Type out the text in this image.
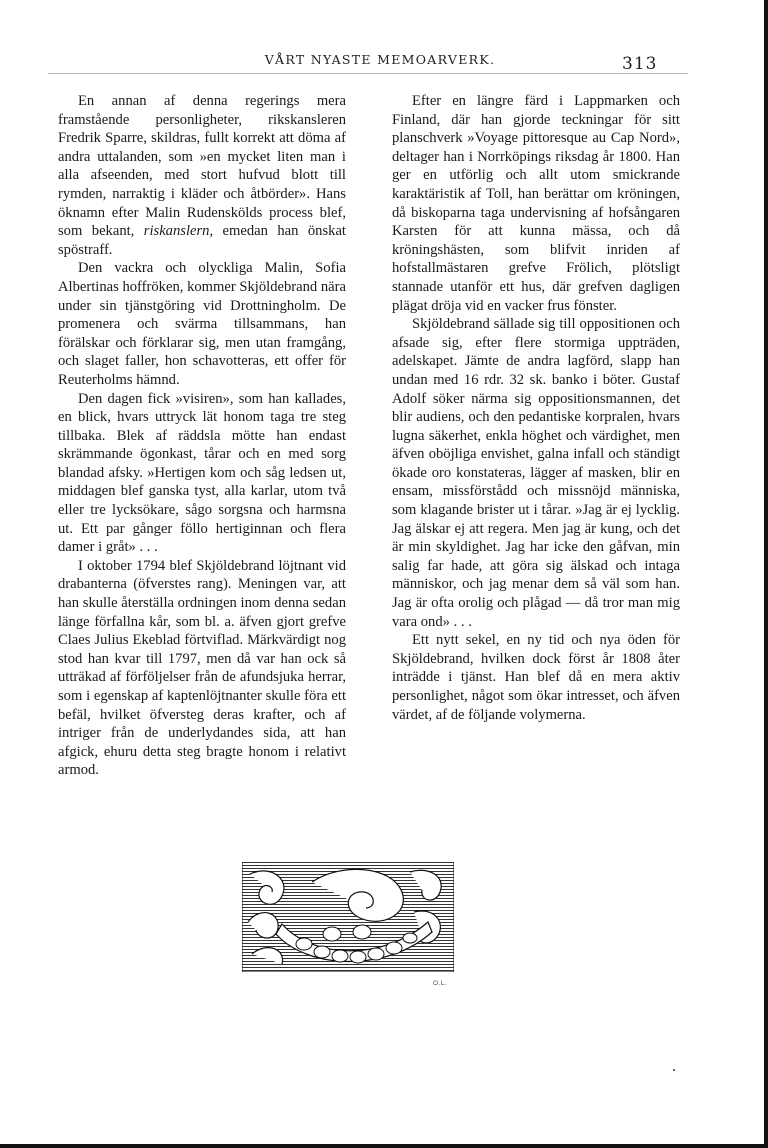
VÅRT NYASTE MEMOARVERK.	313

En annan af denna regerings mera framstående personligheter, rikskansleren Fredrik Sparre, skildras, fullt korrekt att döma af andra uttalanden, som »en mycket liten man i alla afseenden, med stort hufvud blott till rymden, narraktig i kläder och åtbörder». Hans öknamn efter Malin Rudenskölds process blef, som bekant, riskanslern, emedan han önskat spöstraff.

Den vackra och olyckliga Malin, Sofia Albertinas hoffröken, kommer Skjöldebrand nära under sin tjänstgöring vid Drottningholm. De promenera och svärma tillsammans, han förälskar och förklarar sig, men utan framgång, och slaget faller, hon schavotteras, ett offer för Reuterholms hämnd.

Den dagen fick »visiren», som han kallades, en blick, hvars uttryck lät honom taga tre steg tillbaka. Blek af räddsla mötte han endast skrämmande ögonkast, tårar och en med sorg blandad afsky. »Hertigen kom och såg ledsen ut, middagen blef ganska tyst, alla karlar, utom två eller tre lycksökare, sågo sorgsna och harmsna ut. Ett par gånger föllo hertiginnan och flera damer i gråt» . . .

I oktober 1794 blef Skjöldebrand löjtnant vid drabanterna (öfverstes rang). Meningen var, att han skulle återställa ordningen inom denna sedan länge förfallna kår, som bl. a. äfven gjort grefve Claes Julius Ekeblad förtviflad. Märkvärdigt nog stod han kvar till 1797, men då var han ock så utträkad af förföljelser från de afundsjuka herrar, som i egenskap af kaptenlöjtnanter skulle föra ett befäl, hvilket öfversteg deras krafter, och af intriger från de underlydandes sida, att han afgick, ehuru detta steg bragte honom i relativt armod.

Efter en längre färd i Lappmarken och Finland, där han gjorde teckningar för sitt planschverk »Voyage pittoresque au Cap Nord», deltager han i Norrköpings riksdag år 1800. Han ger en utförlig och allt utom smickrande karaktäristik af Toll, han berättar om kröningen, då biskoparna taga undervisning af hofsångaren Karsten för att kunna mässa, och då kröningshästen, som blifvit inriden af hofstallmästaren grefve Frölich, plötsligt stannade utanför ett hus, där grefven dagligen plägat dröja vid en vacker frus fönster.

Skjöldebrand sällade sig till oppositionen och afsade sig, efter flere stormiga uppträden, adelskapet. Jämte de andra lagförd, slapp han undan med 16 rdr. 32 sk. banko i böter. Gustaf Adolf söker närma sig oppositionsmannen, det blir audiens, och den pedantiske korpralen, hvars lugna säkerhet, enkla höghet och värdighet, men äfven oböjliga envishet, galna infall och ständigt ökade oro konstateras, lägger af masken, blir en ensam, missförstådd och missnöjd människa, som klagande brister ut i tårar. »Jag är ej lycklig. Jag älskar ej att regera. Men jag är kung, och det är min skyldighet. Jag har icke den gåfvan, min salig far hade, att göra sig älskad och intaga människor, och jag menar dem så väl som han. Jag är ofta orolig och plågad — då tror man mig vara ond» . . .

Ett nytt sekel, en ny tid och nya öden för Skjöldebrand, hvilken dock först år 1808 åter inträdde i tjänst. Han blef då en mera aktiv personlighet, något som ökar intresset, och äfven värdet, af de följande volymerna.

O.L.
